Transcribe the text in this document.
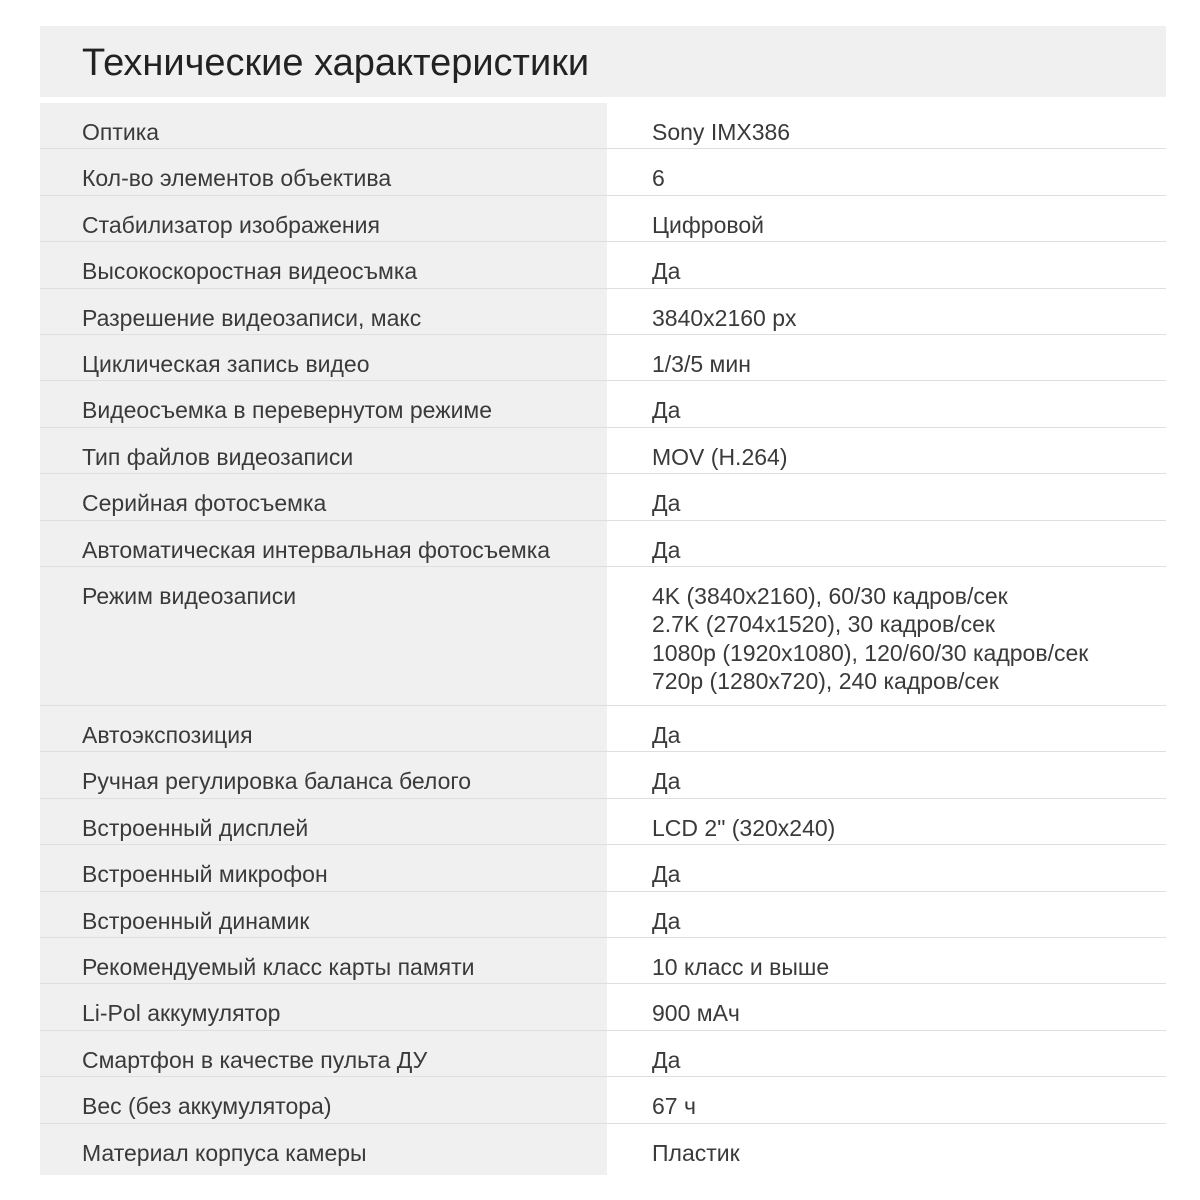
Технические характеристики
Оптика	Sony IMX386
Кол-во элементов объектива	6
Стабилизатор изображения	Цифровой
Высокоскоростная видеосъмка	Да
Разрешение видеозаписи, макс	3840x2160 px
Циклическая запись видео	1/3/5 мин
Видеосъемка в перевернутом режиме	Да
Тип файлов видеозаписи	MOV (H.264)
Серийная фотосъемка	Да
Автоматическая интервальная фотосъемка	Да
Режим видеозаписи	4K (3840x2160), 60/30 кадров/сек
2.7K (2704x1520), 30 кадров/сек
1080p (1920x1080), 120/60/30 кадров/сек
720p (1280x720), 240 кадров/сек
Автоэкспозиция	Да
Ручная регулировка баланса белого	Да
Встроенный дисплей	LCD 2" (320x240)
Встроенный микрофон	Да
Встроенный динамик	Да
Рекомендуемый класс карты памяти	10 класс и выше
Li-Pol аккумулятор	900 мАч
Смартфон в качестве пульта ДУ	Да
Вес (без аккумулятора)	67 ч
Материал корпуса камеры	Пластик
